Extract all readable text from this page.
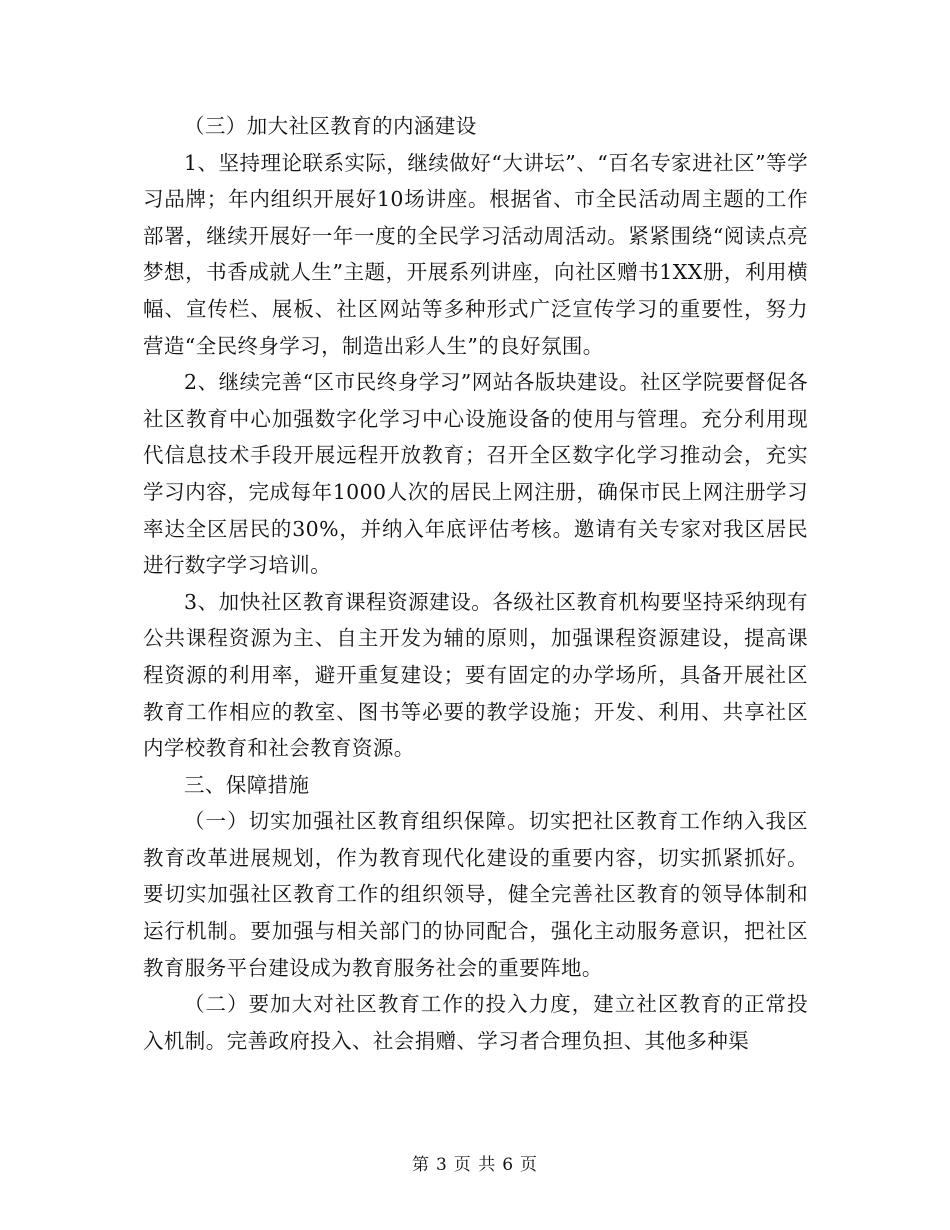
（三）加大社区教育的内涵建设

1、坚持理论联系实际，继续做好“大讲坛”、“百名专家进社区”等学习品牌；年内组织开展好10场讲座。根据省、市全民活动周主题的工作部署，继续开展好一年一度的全民学习活动周活动。紧紧围绕“阅读点亮梦想，书香成就人生”主题，开展系列讲座，向社区赠书1XX册，利用横幅、宣传栏、展板、社区网站等多种形式广泛宣传学习的重要性，努力营造“全民终身学习，制造出彩人生”的良好氛围。

2、继续完善“区市民终身学习”网站各版块建设。社区学院要督促各社区教育中心加强数字化学习中心设施设备的使用与管理。充分利用现代信息技术手段开展远程开放教育；召开全区数字化学习推动会，充实学习内容，完成每年1000人次的居民上网注册，确保市民上网注册学习率达全区居民的30%，并纳入年底评估考核。邀请有关专家对我区居民进行数字学习培训。

3、加快社区教育课程资源建设。各级社区教育机构要坚持采纳现有公共课程资源为主、自主开发为辅的原则，加强课程资源建设，提高课程资源的利用率，避开重复建设；要有固定的办学场所，具备开展社区教育工作相应的教室、图书等必要的教学设施；开发、利用、共享社区内学校教育和社会教育资源。

三、保障措施

（一）切实加强社区教育组织保障。切实把社区教育工作纳入我区教育改革进展规划，作为教育现代化建设的重要内容，切实抓紧抓好。要切实加强社区教育工作的组织领导，健全完善社区教育的领导体制和运行机制。要加强与相关部门的协同配合，强化主动服务意识，把社区教育服务平台建设成为教育服务社会的重要阵地。

（二）要加大对社区教育工作的投入力度，建立社区教育的正常投入机制。完善政府投入、社会捐赠、学习者合理负担、其他多种渠

第 3 页 共 6 页
